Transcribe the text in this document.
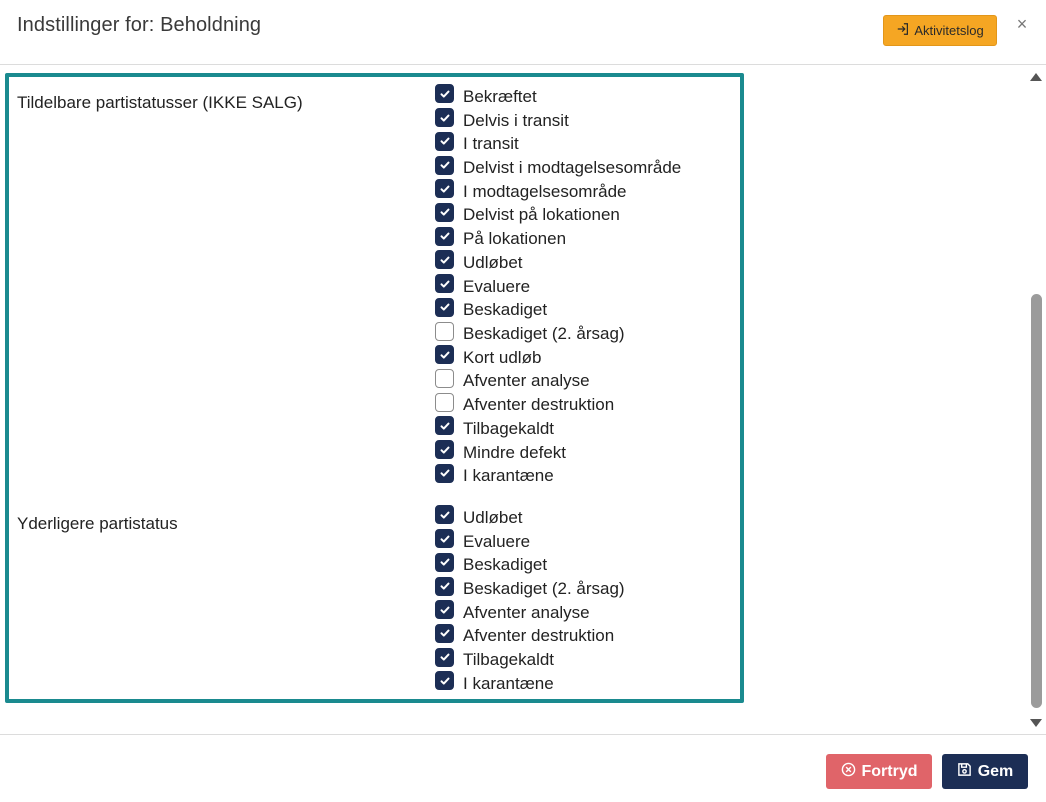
Indstillinger for: Beholdning	Aktivitetslog ×
Tildelbare partistatusser (IKKE SALG)	Bekræftet
Delvis i transit
I transit
Delvist i modtagelsesområde
I modtagelsesområde
Delvist på lokationen
På lokationen
Udløbet
Evaluere
Beskadiget
Beskadiget (2. årsag)
Kort udløb
Afventer analyse
Afventer destruktion
Tilbagekaldt
Mindre defekt
I karantæne
Yderligere partistatus	Udløbet
Evaluere
Beskadiget
Beskadiget (2. årsag)
Afventer analyse
Afventer destruktion
Tilbagekaldt
I karantæne
Fortryd	Gem
